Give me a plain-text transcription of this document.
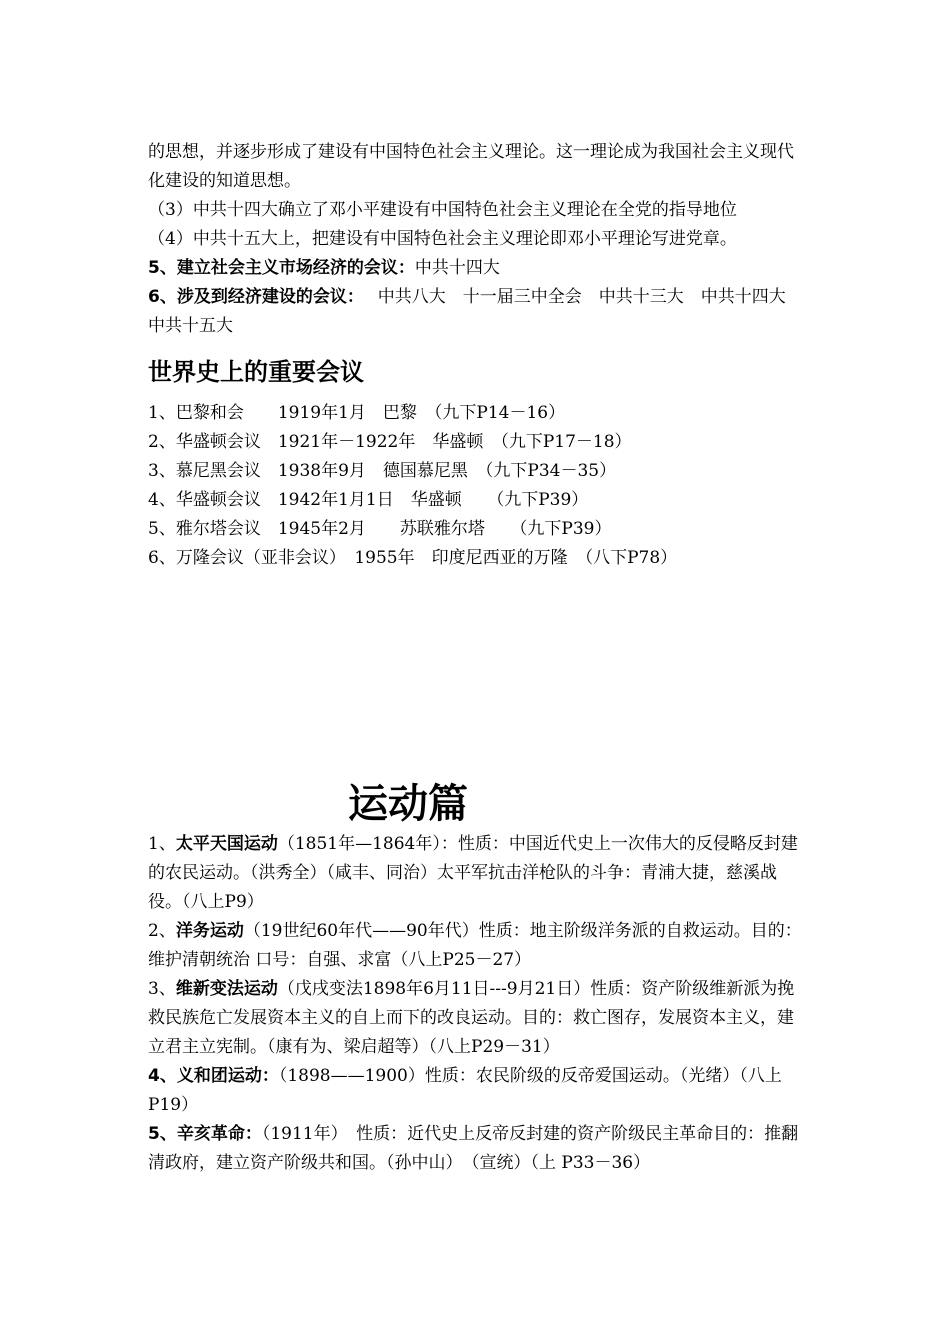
的思想，并逐步形成了建设有中国特色社会主义理论。这一理论成为我国社会主义现代化建设的知道思想。

（3）中共十四大确立了邓小平建设有中国特色社会主义理论在全党的指导地位

（4）中共十五大上，把建设有中国特色社会主义理论即邓小平理论写进党章。

5、建立社会主义市场经济的会议：中共十四大

6、涉及到经济建设的会议：　 中共八大　十一届三中全会　中共十三大　中共十四大　中共十五大

世界史上的重要会议

1、巴黎和会　　1919年1月　巴黎　（九下P14－16）

2、华盛顿会议　1921年－1922年　华盛顿　（九下P17－18）

3、慕尼黑会议　1938年9月　德国慕尼黑　（九下P34－35）

4、华盛顿会议　1942年1月1日　华盛顿　　（九下P39）

5、雅尔塔会议　1945年2月　　苏联雅尔塔　　（九下P39）

6、万隆会议（亚非会议）　1955年　印度尼西亚的万隆　（八下P78）

运动篇

1、太平天国运动（1851年—1864年）：性质：中国近代史上一次伟大的反侵略反封建的农民运动。（洪秀全）（咸丰、同治）太平军抗击洋枪队的斗争：青浦大捷，慈溪战役。（八上P9）

2、洋务运动（19世纪60年代——90年代）性质：地主阶级洋务派的自救运动。目的：维护清朝统治 口号：自强、求富（八上P25－27）

3、维新变法运动（戊戌变法1898年6月11日---9月21日）性质：资产阶级维新派为挽救民族危亡发展资本主义的自上而下的改良运动。目的：救亡图存，发展资本主义，建立君主立宪制。（康有为、梁启超等）（八上P29－31）

4、义和团运动：（1898——1900）性质：农民阶级的反帝爱国运动。（光绪）（八上P19）

5、辛亥革命：（1911年）　性质：近代史上反帝反封建的资产阶级民主革命目的：推翻清政府，建立资产阶级共和国。（孙中山）　（宣统）（上 P33－36）
